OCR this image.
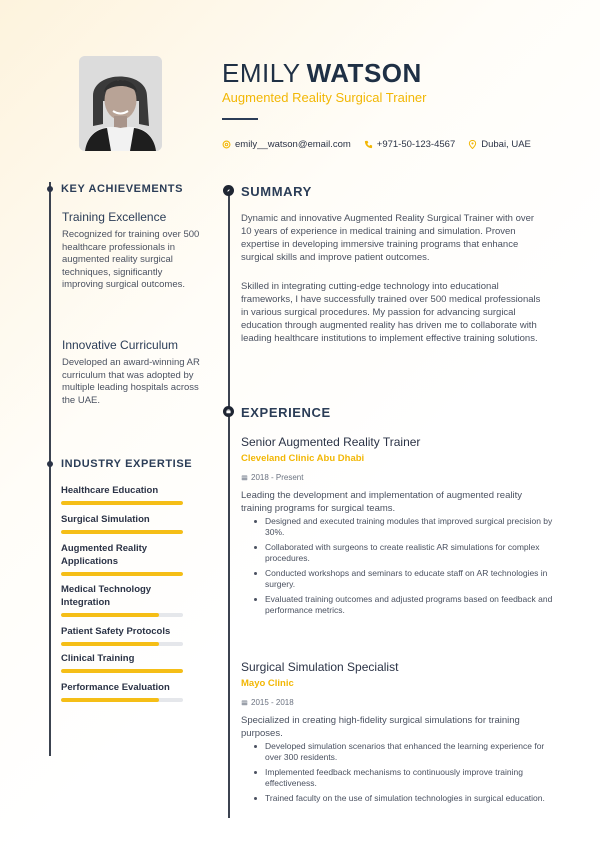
EMILY WATSON
Augmented Reality Surgical Trainer
emily__watson@email.com	+971-50-123-4567	Dubai, UAE
KEY ACHIEVEMENTS
Training Excellence
Recognized for training over 500 healthcare professionals in augmented reality surgical techniques, significantly improving surgical outcomes.
Innovative Curriculum
Developed an award-winning AR curriculum that was adopted by multiple leading hospitals across the UAE.
INDUSTRY EXPERTISE
Healthcare Education
Surgical Simulation
Augmented Reality Applications
Medical Technology Integration
Patient Safety Protocols
Clinical Training
Performance Evaluation
SUMMARY
Dynamic and innovative Augmented Reality Surgical Trainer with over 10 years of experience in medical training and simulation. Proven expertise in developing immersive training programs that enhance surgical skills and improve patient outcomes.
Skilled in integrating cutting-edge technology into educational frameworks, I have successfully trained over 500 medical professionals in various surgical procedures. My passion for advancing surgical education through augmented reality has driven me to collaborate with leading healthcare institutions to implement effective training solutions.
EXPERIENCE
Senior Augmented Reality Trainer
Cleveland Clinic Abu Dhabi
2018 - Present
Leading the development and implementation of augmented reality training programs for surgical teams.
Designed and executed training modules that improved surgical precision by 30%.
Collaborated with surgeons to create realistic AR simulations for complex procedures.
Conducted workshops and seminars to educate staff on AR technologies in surgery.
Evaluated training outcomes and adjusted programs based on feedback and performance metrics.
Surgical Simulation Specialist
Mayo Clinic
2015 - 2018
Specialized in creating high-fidelity surgical simulations for training purposes.
Developed simulation scenarios that enhanced the learning experience for over 300 residents.
Implemented feedback mechanisms to continuously improve training effectiveness.
Trained faculty on the use of simulation technologies in surgical education.
